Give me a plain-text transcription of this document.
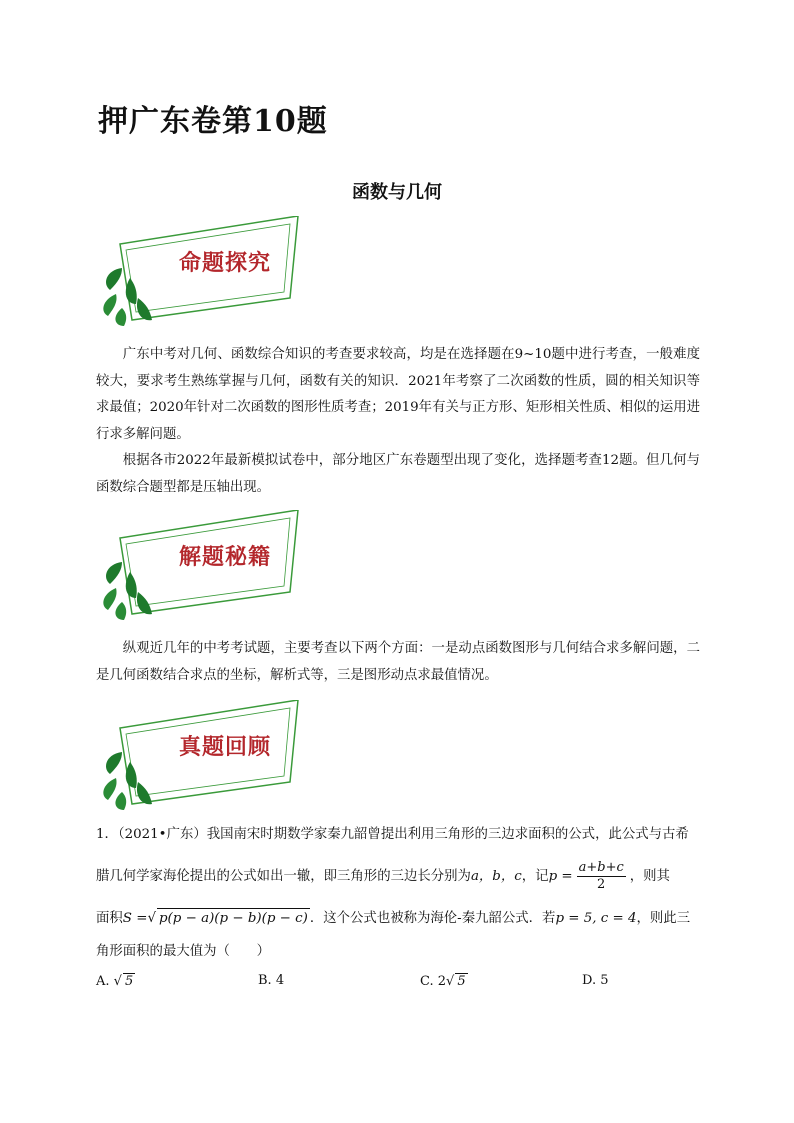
押广东卷第10题
函数与几何
命题探究

广东中考对几何、函数综合知识的考查要求较高，均是在选择题在9~10题中进行考查，一般难度较大，要求考生熟练掌握与几何，函数有关的知识．2021年考察了二次函数的性质，圆的相关知识等求最值；2020年针对二次函数的图形性质考查；2019年有关与正方形、矩形相关性质、相似的运用进行求多解问题。

根据各市2022年最新模拟试卷中，部分地区广东卷题型出现了变化，选择题考查12题。但几何与函数综合题型都是压轴出现。

解题秘籍

纵观近几年的中考考试题，主要考查以下两个方面：一是动点函数图形与几何结合求多解问题，二是几何函数结合求点的坐标，解析式等，三是图形动点求最值情况。

真题回顾
1．（2021•广东）我国南宋时期数学家秦九韶曾提出利用三角形的三边求面积的公式，此公式与古希
腊几何学家海伦提出的公式如出一辙，即三角形的三边长分别为a，b，c，记$p = \frac{a+b+c}{2}$ ，则其
面积S =√ p(p − a)(p − b)(p − c) ．这个公式也被称为海伦-秦九韶公式．若p = 5, c = 4，则此三
角形面积的最大值为（　　）
A. √ 5	B. 4	C. 2√ 5	D. 5
